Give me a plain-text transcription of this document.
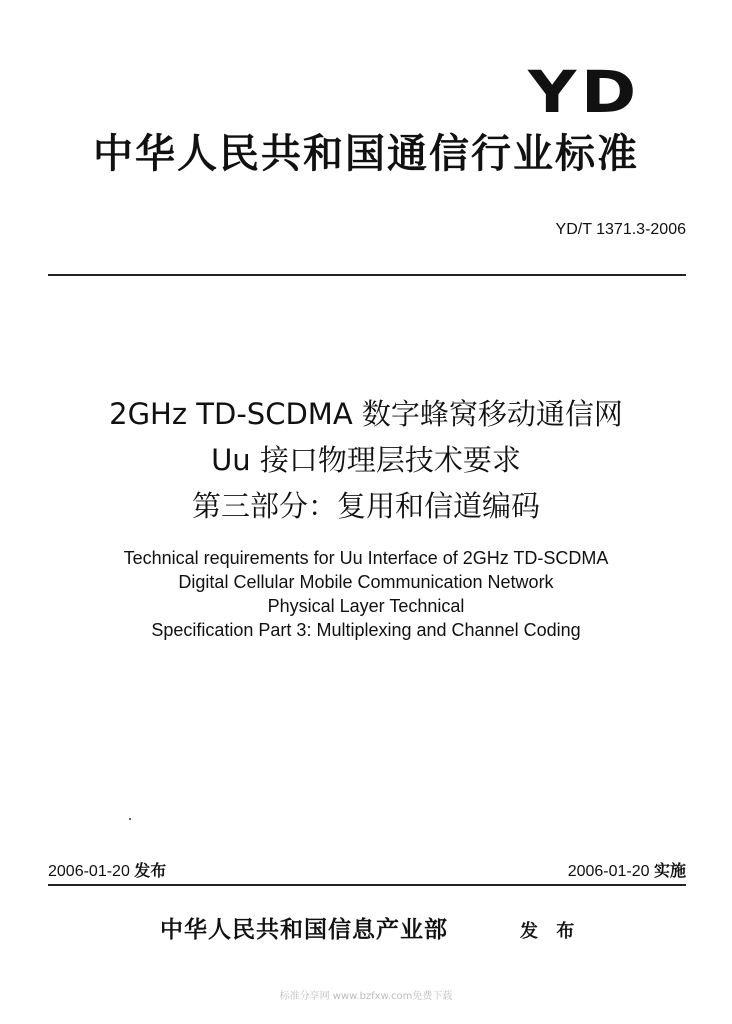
YD
中华人民共和国通信行业标准
YD/T 1371.3-2006
2GHz TD-SCDMA 数字蜂窝移动通信网
Uu 接口物理层技术要求
第三部分：复用和信道编码
Technical requirements for Uu Interface of 2GHz TD-SCDMA
Digital Cellular Mobile Communication Network
Physical Layer Technical
Specification Part 3: Multiplexing and Channel Coding
2006-01-20 发布	2006-01-20 实施
中华人民共和国信息产业部	发 布
标准分享网 www.bzfxw.com免费下载
